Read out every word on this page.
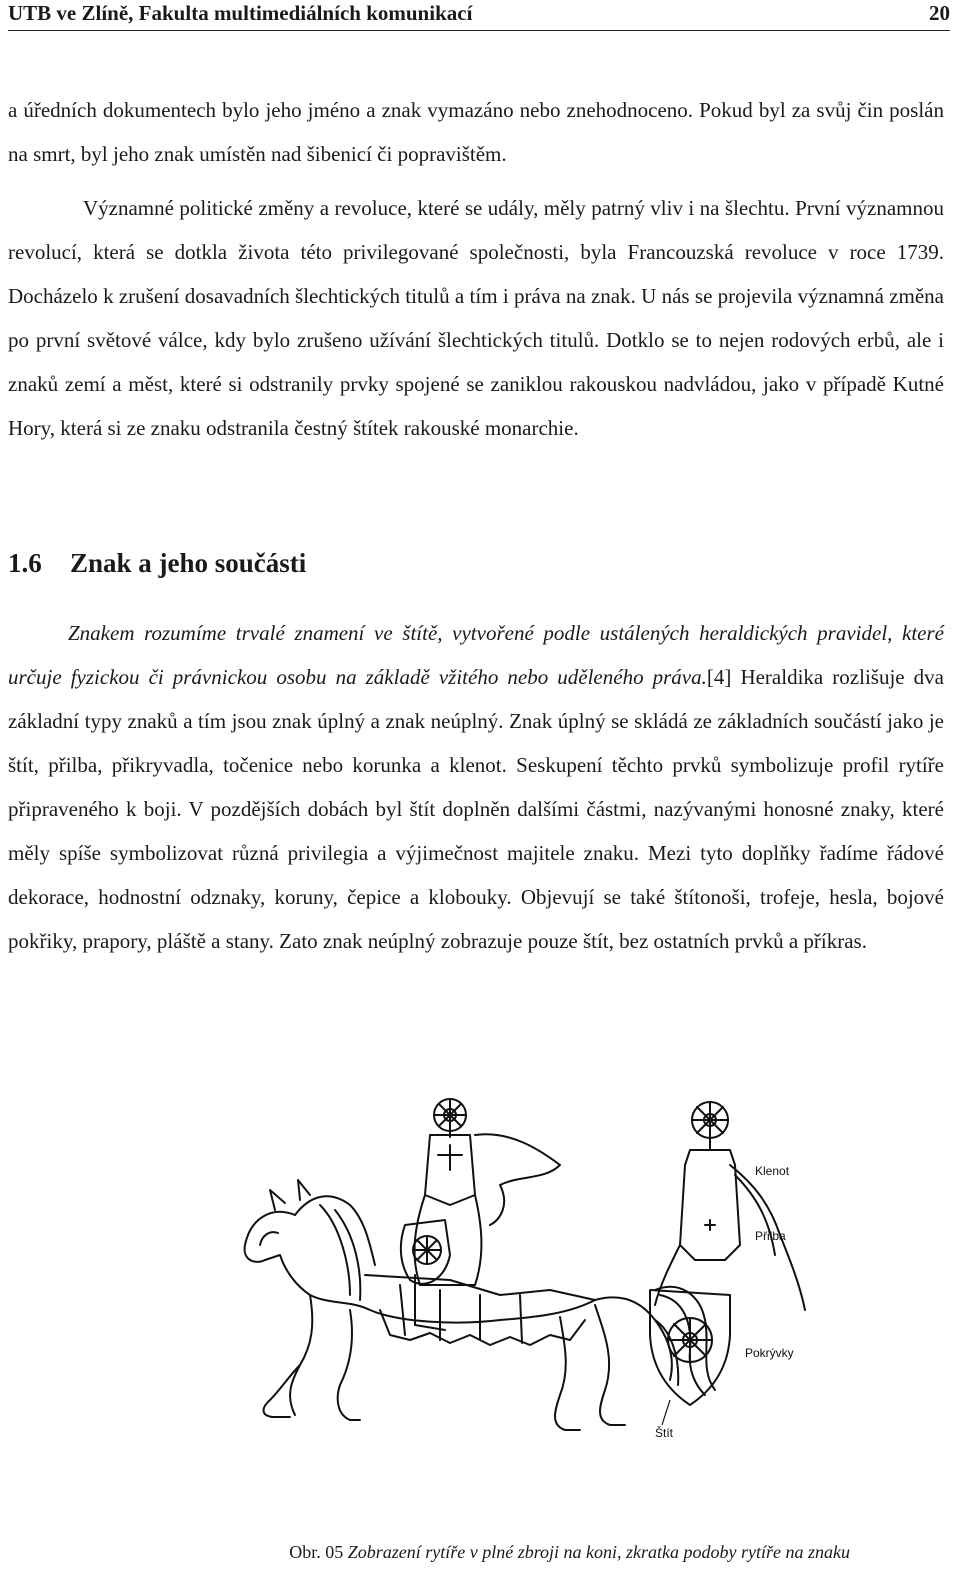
UTB ve Zlíně, Fakulta multimediálních komunikací	20
a úředních dokumentech bylo jeho jméno a znak vymazáno nebo znehodnoceno. Pokud byl za svůj čin poslán na smrt, byl jeho znak umístěn nad šibenicí či popravištěm.
Významné politické změny a revoluce, které se udály, měly patrný vliv i na šlechtu. První významnou revolucí, která se dotkla života této privilegované společnosti, byla Francouzská revoluce v roce 1739. Docházelo k zrušení dosavadních šlechtických titulů a tím i práva na znak. U nás se projevila významná změna po první světové válce, kdy bylo zrušeno užívání šlechtických titulů. Dotklo se to nejen rodových erbů, ale i znaků zemí a měst, které si odstranily prvky spojené se zaniklou rakouskou nadvládou, jako v případě Kutné Hory, která si ze znaku odstranila čestný štítek rakouské monarchie.
1.6 Znak a jeho součásti
Znakem rozumíme trvalé znamení ve štítě, vytvořené podle ustálených heraldických pravidel, které určuje fyzickou či právnickou osobu na základě vžitého nebo uděleného práva.[4] Heraldika rozlišuje dva základní typy znaků a tím jsou znak úplný a znak neúplný. Znak úplný se skládá ze základních součástí jako je štít, přilba, přikryvadla, točenice nebo korunka a klenot. Seskupení těchto prvků symbolizuje profil rytíře připraveného k boji. V pozdějších dobách byl štít doplněn dalšími částmi, nazývanými honosné znaky, které měly spíše symbolizovat různá privilegia a výjimečnost majitele znaku. Mezi tyto doplňky řadíme řádové dekorace, hodnostní odznaky, koruny, čepice a klobouky. Objevují se také štítonoši, trofeje, hesla, bojové pokřiky, prapory, pláště a stany. Zato znak neúplný zobrazuje pouze štít, bez ostatních prvků a příkras.
Klenot
Přilba
Pokrývky
Štít
Obr. 05 Zobrazení rytíře v plné zbroji na koni, zkratka podoby rytíře na znaku
